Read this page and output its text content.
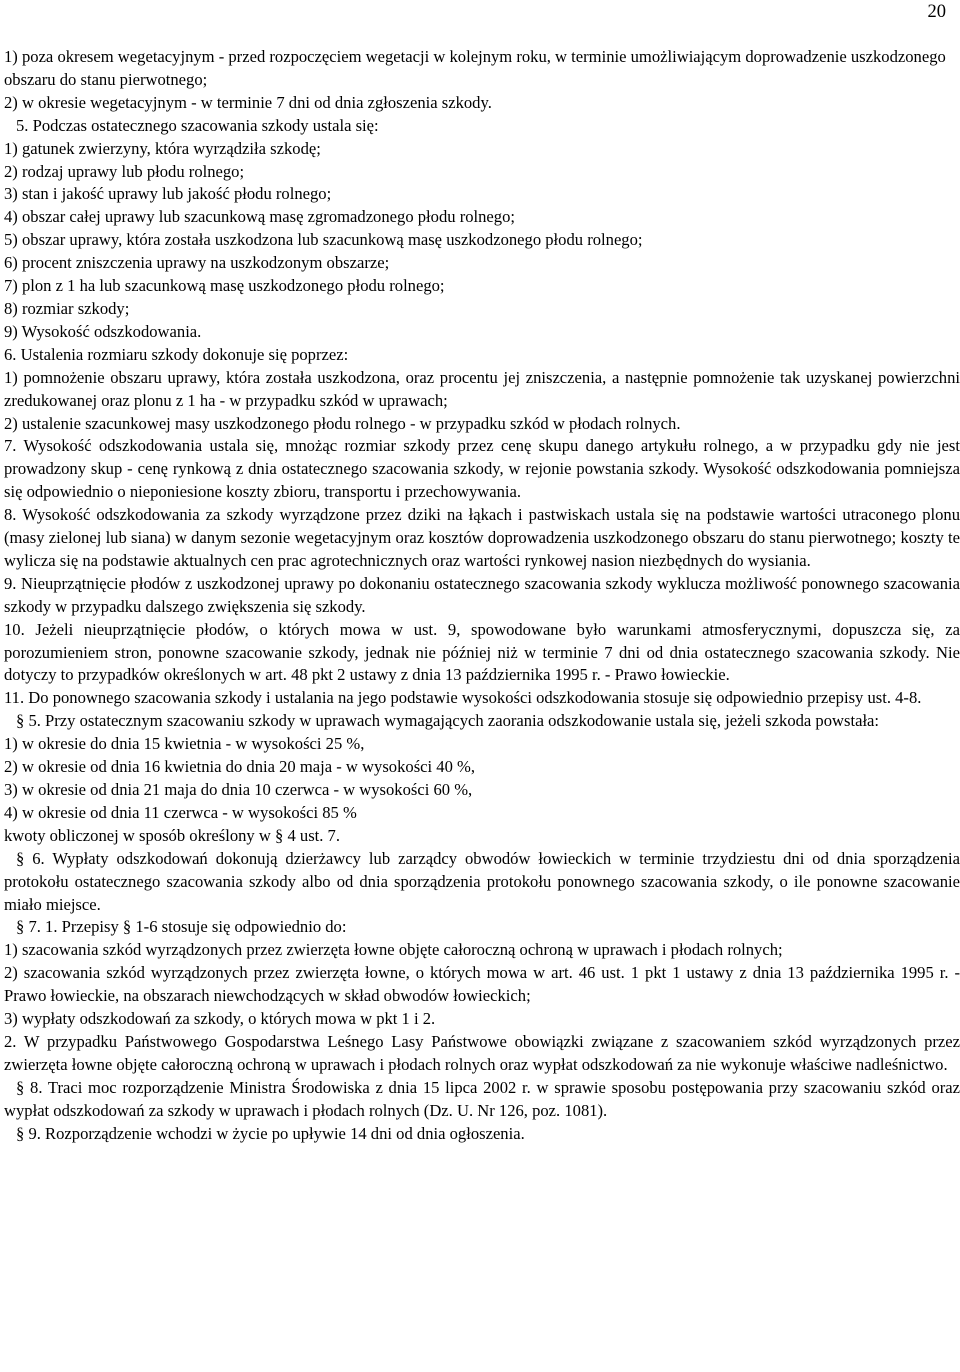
20

1) poza okresem wegetacyjnym - przed rozpoczęciem wegetacji w kolejnym roku, w terminie umożliwiającym doprowadzenie uszkodzonego obszaru do stanu pierwotnego;

2) w okresie wegetacyjnym - w terminie 7 dni od dnia zgłoszenia szkody.

5. Podczas ostatecznego szacowania szkody ustala się:

1) gatunek zwierzyny, która wyrządziła szkodę;

2) rodzaj uprawy lub płodu rolnego;

3) stan i jakość uprawy lub jakość płodu rolnego;

4) obszar całej uprawy lub szacunkową masę zgromadzonego płodu rolnego;

5) obszar uprawy, która została uszkodzona lub szacunkową masę uszkodzonego płodu rolnego;

6) procent zniszczenia uprawy na uszkodzonym obszarze;

7) plon z 1 ha lub szacunkową masę uszkodzonego płodu rolnego;

8) rozmiar szkody;

9) Wysokość odszkodowania.

6. Ustalenia rozmiaru szkody dokonuje się poprzez:

1) pomnożenie obszaru uprawy, która została uszkodzona, oraz procentu jej zniszczenia, a następnie pomnożenie tak uzyskanej powierzchni zredukowanej oraz plonu z 1 ha - w przypadku szkód w uprawach;

2) ustalenie szacunkowej masy uszkodzonego płodu rolnego - w przypadku szkód w płodach rolnych.

7. Wysokość odszkodowania ustala się, mnożąc rozmiar szkody przez cenę skupu danego artykułu rolnego, a w przypadku gdy nie jest prowadzony skup - cenę rynkową z dnia ostatecznego szacowania szkody, w rejonie powstania szkody. Wysokość odszkodowania pomniejsza się odpowiednio o nieponiesione koszty zbioru, transportu i przechowywania.

8. Wysokość odszkodowania za szkody wyrządzone przez dziki na łąkach i pastwiskach ustala się na podstawie wartości utraconego plonu (masy zielonej lub siana) w danym sezonie wegetacyjnym oraz kosztów doprowadzenia uszkodzonego obszaru do stanu pierwotnego; koszty te wylicza się na podstawie aktualnych cen prac agrotechnicznych oraz wartości rynkowej nasion niezbędnych do wysiania.

9. Nieuprzątnięcie płodów z uszkodzonej uprawy po dokonaniu ostatecznego szacowania szkody wyklucza możliwość ponownego szacowania szkody w przypadku dalszego zwiększenia się szkody.

10. Jeżeli nieuprzątnięcie płodów, o których mowa w ust. 9, spowodowane było warunkami atmosferycznymi, dopuszcza się, za porozumieniem stron, ponowne szacowanie szkody, jednak nie później niż w terminie 7 dni od dnia ostatecznego szacowania szkody. Nie dotyczy to przypadków określonych w art. 48 pkt 2 ustawy z dnia 13 października 1995 r. - Prawo łowieckie.

11. Do ponownego szacowania szkody i ustalania na jego podstawie wysokości odszkodowania stosuje się odpowiednio przepisy ust. 4-8.

§ 5. Przy ostatecznym szacowaniu szkody w uprawach wymagających zaorania odszkodowanie ustala się, jeżeli szkoda powstała:

1) w okresie do dnia 15 kwietnia - w wysokości 25 %,

2) w okresie od dnia 16 kwietnia do dnia 20 maja - w wysokości 40 %,

3) w okresie od dnia 21 maja do dnia 10 czerwca - w wysokości 60 %,

4) w okresie od dnia 11 czerwca - w wysokości 85 %

kwoty obliczonej w sposób określony w § 4 ust. 7.

§ 6. Wypłaty odszkodowań dokonują dzierżawcy lub zarządcy obwodów łowieckich w terminie trzydziestu dni od dnia sporządzenia protokołu ostatecznego szacowania szkody albo od dnia sporządzenia protokołu ponownego szacowania szkody, o ile ponowne szacowanie miało miejsce.

§ 7. 1. Przepisy § 1-6 stosuje się odpowiednio do:

1) szacowania szkód wyrządzonych przez zwierzęta łowne objęte całoroczną ochroną w uprawach i płodach rolnych;

2) szacowania szkód wyrządzonych przez zwierzęta łowne, o których mowa w art. 46 ust. 1 pkt 1 ustawy z dnia 13 października 1995 r. - Prawo łowieckie, na obszarach niewchodzących w skład obwodów łowieckich;

3) wypłaty odszkodowań za szkody, o których mowa w pkt 1 i 2.

2. W przypadku Państwowego Gospodarstwa Leśnego Lasy Państwowe obowiązki związane z szacowaniem szkód wyrządzonych przez zwierzęta łowne objęte całoroczną ochroną w uprawach i płodach rolnych oraz wypłat odszkodowań za nie wykonuje właściwe nadleśnictwo.

§ 8. Traci moc rozporządzenie Ministra Środowiska z dnia 15 lipca 2002 r. w sprawie sposobu postępowania przy szacowaniu szkód oraz wypłat odszkodowań za szkody w uprawach i płodach rolnych (Dz. U. Nr 126, poz. 1081).

§ 9. Rozporządzenie wchodzi w życie po upływie 14 dni od dnia ogłoszenia.
